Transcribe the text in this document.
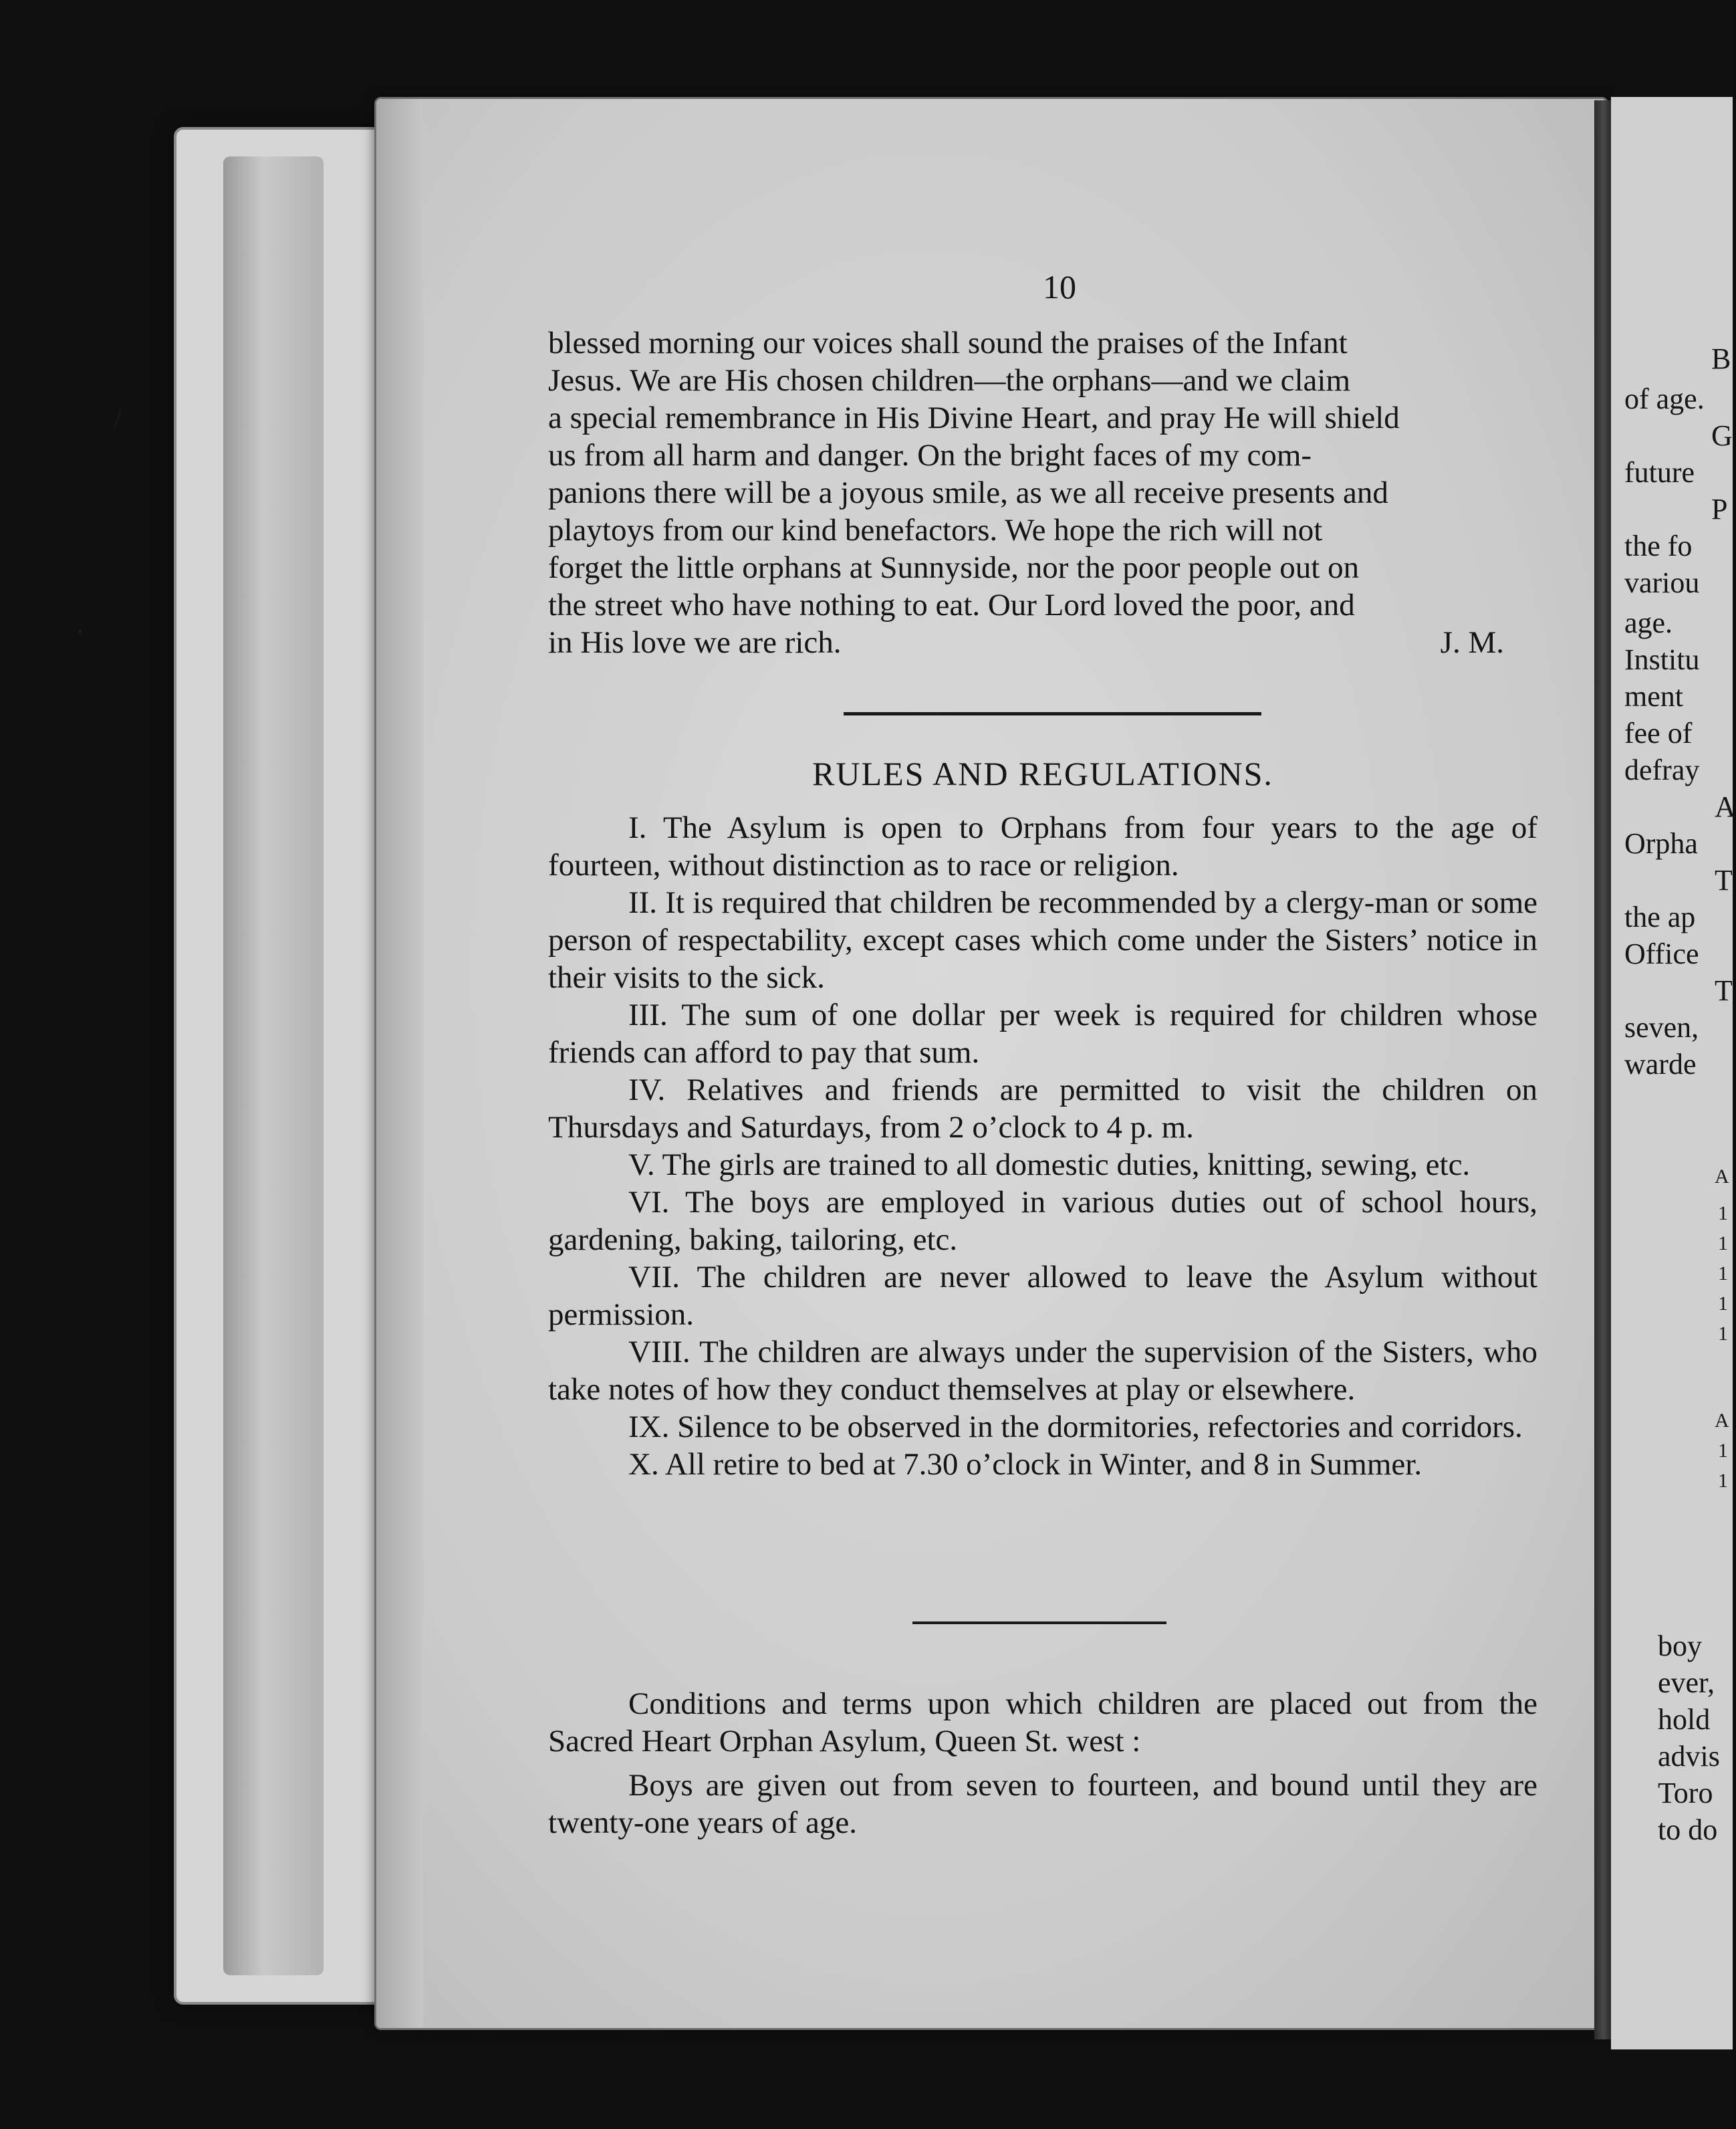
/
•
10
blessed morning our voices shall sound the praises of the Infant
Jesus. We are His chosen children—the orphans—and we claim
a special remembrance in His Divine Heart, and pray He will shield
us from all harm and danger. On the bright faces of my com-
panions there will be a joyous smile, as we all receive presents and
playtoys from our kind benefactors. We hope the rich will not
forget the little orphans at Sunnyside, nor the poor people out on
the street who have nothing to eat. Our Lord loved the poor, and
in His love we are rich.	J. M.
RULES AND REGULATIONS.

I. The Asylum is open to Orphans from four years to the age of fourteen, without distinction as to race or religion.

II. It is required that children be recommended by a clergy-man or some person of respectability, except cases which come under the Sisters’ notice in their visits to the sick.

III. The sum of one dollar per week is required for children whose friends can afford to pay that sum.

IV. Relatives and friends are permitted to visit the children on Thursdays and Saturdays, from 2 o’clock to 4 p. m.

V. The girls are trained to all domestic duties, knitting, sewing, etc.

VI. The boys are employed in various duties out of school hours, gardening, baking, tailoring, etc.

VII. The children are never allowed to leave the Asylum without permission.

VIII. The children are always under the supervision of the Sisters, who take notes of how they conduct themselves at play or elsewhere.

IX. Silence to be observed in the dormitories, refectories and corridors.

X. All retire to bed at 7.30 o’clock in Winter, and 8 in Summer.

Conditions and terms upon which children are placed out from the Sacred Heart Orphan Asylum, Queen St. west :

Boys are given out from seven to fourteen, and bound until they are twenty-one years of age.

B
of age.
G
future
P
the fo
variou
age.
Institu
ment
fee of
defray
A
Orpha
T
the ap
Office
T
seven,
warde
A
1
1
1
1
1
A
1
1
boy
ever,
hold
advis
Toro
to do
